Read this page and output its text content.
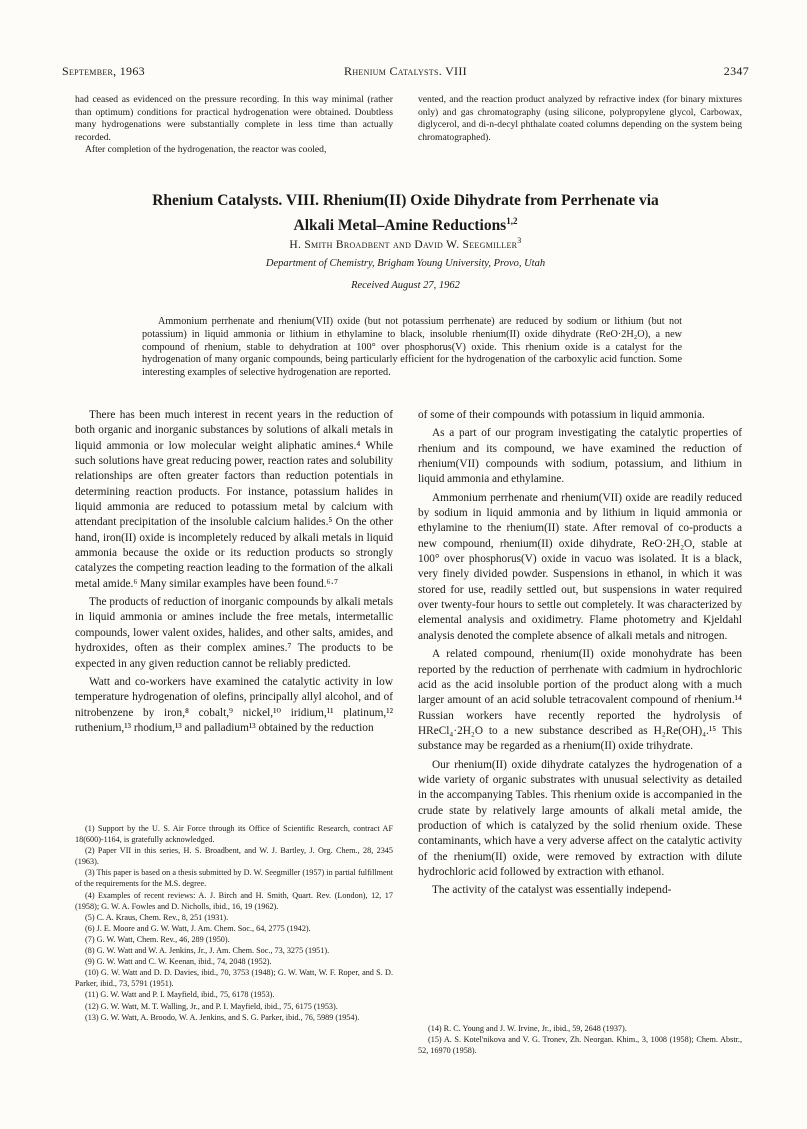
September, 1963	Rhenium Catalysts. VIII	2347

had ceased as evidenced on the pressure recording. In this way minimal (rather than optimum) conditions for practical hydrogenation were obtained. Doubtless many hydrogenations were substantially complete in less time than actually recorded.

After completion of the hydrogenation, the reactor was cooled,

vented, and the reaction product analyzed by refractive index (for binary mixtures only) and gas chromatography (using silicone, polypropylene glycol, Carbowax, diglycerol, and di-n-decyl phthalate coated columns depending on the system being chromatographed).

Rhenium Catalysts. VIII. Rhenium(II) Oxide Dihydrate from Perrhenate via
Alkali Metal–Amine Reductions$^{1,2}$
H. Smith Broadbent and David W. Seegmiller$^3$
Department of Chemistry, Brigham Young University, Provo, Utah
Received August 27, 1962

Ammonium perrhenate and rhenium(VII) oxide (but not potassium perrhenate) are reduced by sodium or lithium (but not potassium) in liquid ammonia or lithium in ethylamine to black, insoluble rhenium(II) oxide dihydrate (ReO·2H₂O), a new compound of rhenium, stable to dehydration at 100° over phosphorus(V) oxide. This rhenium oxide is a catalyst for the hydrogenation of many organic compounds, being particularly efficient for the hydrogenation of the carboxylic acid function. Some interesting examples of selective hydrogenation are reported.

There has been much interest in recent years in the reduction of both organic and inorganic substances by solutions of alkali metals in liquid ammonia or low molecular weight aliphatic amines.⁴ While such solutions have great reducing power, reaction rates and solubility relationships are often greater factors than reduction potentials in determining reaction products. For instance, potassium halides in liquid ammonia are reduced to potassium metal by calcium with attendant precipitation of the insoluble calcium halides.⁵ On the other hand, iron(II) oxide is incompletely reduced by alkali metals in liquid ammonia because the oxide or its reduction products so strongly catalyzes the competing reaction leading to the formation of the alkali metal amide.⁶ Many similar examples have been found.⁶·⁷

The products of reduction of inorganic compounds by alkali metals in liquid ammonia or amines include the free metals, intermetallic compounds, lower valent oxides, halides, and other salts, amides, and hydroxides, often as their complex amines.⁷ The products to be expected in any given reduction cannot be reliably predicted.

Watt and co-workers have examined the catalytic activity in low temperature hydrogenation of olefins, principally allyl alcohol, and of nitrobenzene by iron,⁸ cobalt,⁹ nickel,¹⁰ iridium,¹¹ platinum,¹² ruthenium,¹³ rhodium,¹³ and palladium¹³ obtained by the reduction

of some of their compounds with potassium in liquid ammonia.

As a part of our program investigating the catalytic properties of rhenium and its compound, we have examined the reduction of rhenium(VII) compounds with sodium, potassium, and lithium in liquid ammonia and ethylamine.

Ammonium perrhenate and rhenium(VII) oxide are readily reduced by sodium in liquid ammonia and by lithium in liquid ammonia or ethylamine to the rhenium(II) state. After removal of co-products a new compound, rhenium(II) oxide dihydrate, ReO·2H₂O, stable at 100° over phosphorus(V) oxide in vacuo was isolated. It is a black, very finely divided powder. Suspensions in ethanol, in which it was stored for use, readily settled out, but suspensions in water required over twenty-four hours to settle out completely. It was characterized by elemental analysis and oxidimetry. Flame photometry and Kjeldahl analysis denoted the complete absence of alkali metals and nitrogen.

A related compound, rhenium(II) oxide monohydrate has been reported by the reduction of perrhenate with cadmium in hydrochloric acid as the acid insoluble portion of the product along with a much larger amount of an acid soluble tetracovalent compound of rhenium.¹⁴ Russian workers have recently reported the hydrolysis of HReCl₄·2H₂O to a new substance described as H₂Re(OH)₄.¹⁵ This substance may be regarded as a rhenium(II) oxide trihydrate.

Our rhenium(II) oxide dihydrate catalyzes the hydrogenation of a wide variety of organic substrates with unusual selectivity as detailed in the accompanying Tables. This rhenium oxide is accompanied in the crude state by relatively large amounts of alkali metal amide, the production of which is catalyzed by the solid rhenium oxide. These contaminants, which have a very adverse affect on the catalytic activity of the rhenium(II) oxide, were removed by extraction with dilute hydrochloric acid followed by extraction with ethanol.

The activity of the catalyst was essentially independ-

(1) Support by the U. S. Air Force through its Office of Scientific Research, contract AF 18(600)-1164, is gratefully acknowledged.

(2) Paper VII in this series, H. S. Broadbent, and W. J. Bartley, J. Org. Chem., 28, 2345 (1963).

(3) This paper is based on a thesis submitted by D. W. Seegmiller (1957) in partial fulfillment of the requirements for the M.S. degree.

(4) Examples of recent reviews: A. J. Birch and H. Smith, Quart. Rev. (London), 12, 17 (1958); G. W. A. Fowles and D. Nicholls, ibid., 16, 19 (1962).

(5) C. A. Kraus, Chem. Rev., 8, 251 (1931).

(6) J. E. Moore and G. W. Watt, J. Am. Chem. Soc., 64, 2775 (1942).

(7) G. W. Watt, Chem. Rev., 46, 289 (1950).

(8) G. W. Watt and W. A. Jenkins, Jr., J. Am. Chem. Soc., 73, 3275 (1951).

(9) G. W. Watt and C. W. Keenan, ibid., 74, 2048 (1952).

(10) G. W. Watt and D. D. Davies, ibid., 70, 3753 (1948); G. W. Watt, W. F. Roper, and S. D. Parker, ibid., 73, 5791 (1951).

(11) G. W. Watt and P. I. Mayfield, ibid., 75, 6178 (1953).

(12) G. W. Watt, M. T. Walling, Jr., and P. I. Mayfield, ibid., 75, 6175 (1953).

(13) G. W. Watt, A. Broodo, W. A. Jenkins, and S. G. Parker, ibid., 76, 5989 (1954).

(14) R. C. Young and J. W. Irvine, Jr., ibid., 59, 2648 (1937).

(15) A. S. Kotel'nikova and V. G. Tronev, Zh. Neorgan. Khim., 3, 1008 (1958); Chem. Abstr., 52, 16970 (1958).
